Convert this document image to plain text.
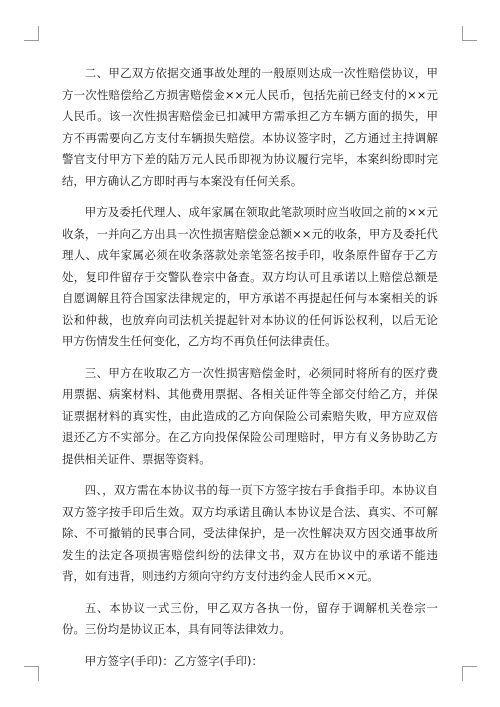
二、甲乙双方依据交通事故处理的一般原则达成一次性赔偿协议，甲方一次性赔偿给乙方损害赔偿金××元人民币，包括先前已经支付的××元人民币。该一次性损害赔偿金已扣减甲方需承担乙方车辆方面的损失，甲方不再需要向乙方支付车辆损失赔偿。本协议签字时，乙方通过主持调解警官支付甲方下差的陆万元人民币即视为协议履行完毕，本案纠纷即时完结，甲方确认乙方即时再与本案没有任何关系。

甲方及委托代理人、成年家属在领取此笔款项时应当收回之前的××元收条，一并向乙方出具一次性损害赔偿金总额××元的收条，甲方及委托代理人、成年家属必须在收条落款处亲笔签名按手印，收条原件留存于乙方处，复印件留存于交警队卷宗中备查。双方均认可且承诺以上赔偿总额是自愿调解且符合国家法律规定的，甲方承诺不再提起任何与本案相关的诉讼和仲裁，也放弃向司法机关提起针对本协议的任何诉讼权利，以后无论甲方伤情发生任何变化，乙方均不再负任何法律责任。

三、甲方在收取乙方一次性损害赔偿金时，必须同时将所有的医疗费用票据、病案材料、其他费用票据、各相关证件等全部交付给乙方，并保证票据材料的真实性，由此造成的乙方向保险公司索赔失败，甲方应双倍退还乙方不实部分。在乙方向投保保险公司理赔时，甲方有义务协助乙方提供相关证件、票据等资料。

四、，双方需在本协议书的每一页下方签字按右手食指手印。本协议自双方签字按手印后生效。双方均承诺且确认本协议是合法、真实、不可解除、不可撤销的民事合同，受法律保护，是一次性解决双方因交通事故所发生的法定各项损害赔偿纠纷的法律文书，双方在协议中的承诺不能违背，如有违背，则违约方须向守约方支付违约金人民币××元。

五、本协议一式三份，甲乙双方各执一份，留存于调解机关卷宗一份。三份均是协议正本，具有同等法律效力。

甲方签字(手印)：乙方签字(手印)：
